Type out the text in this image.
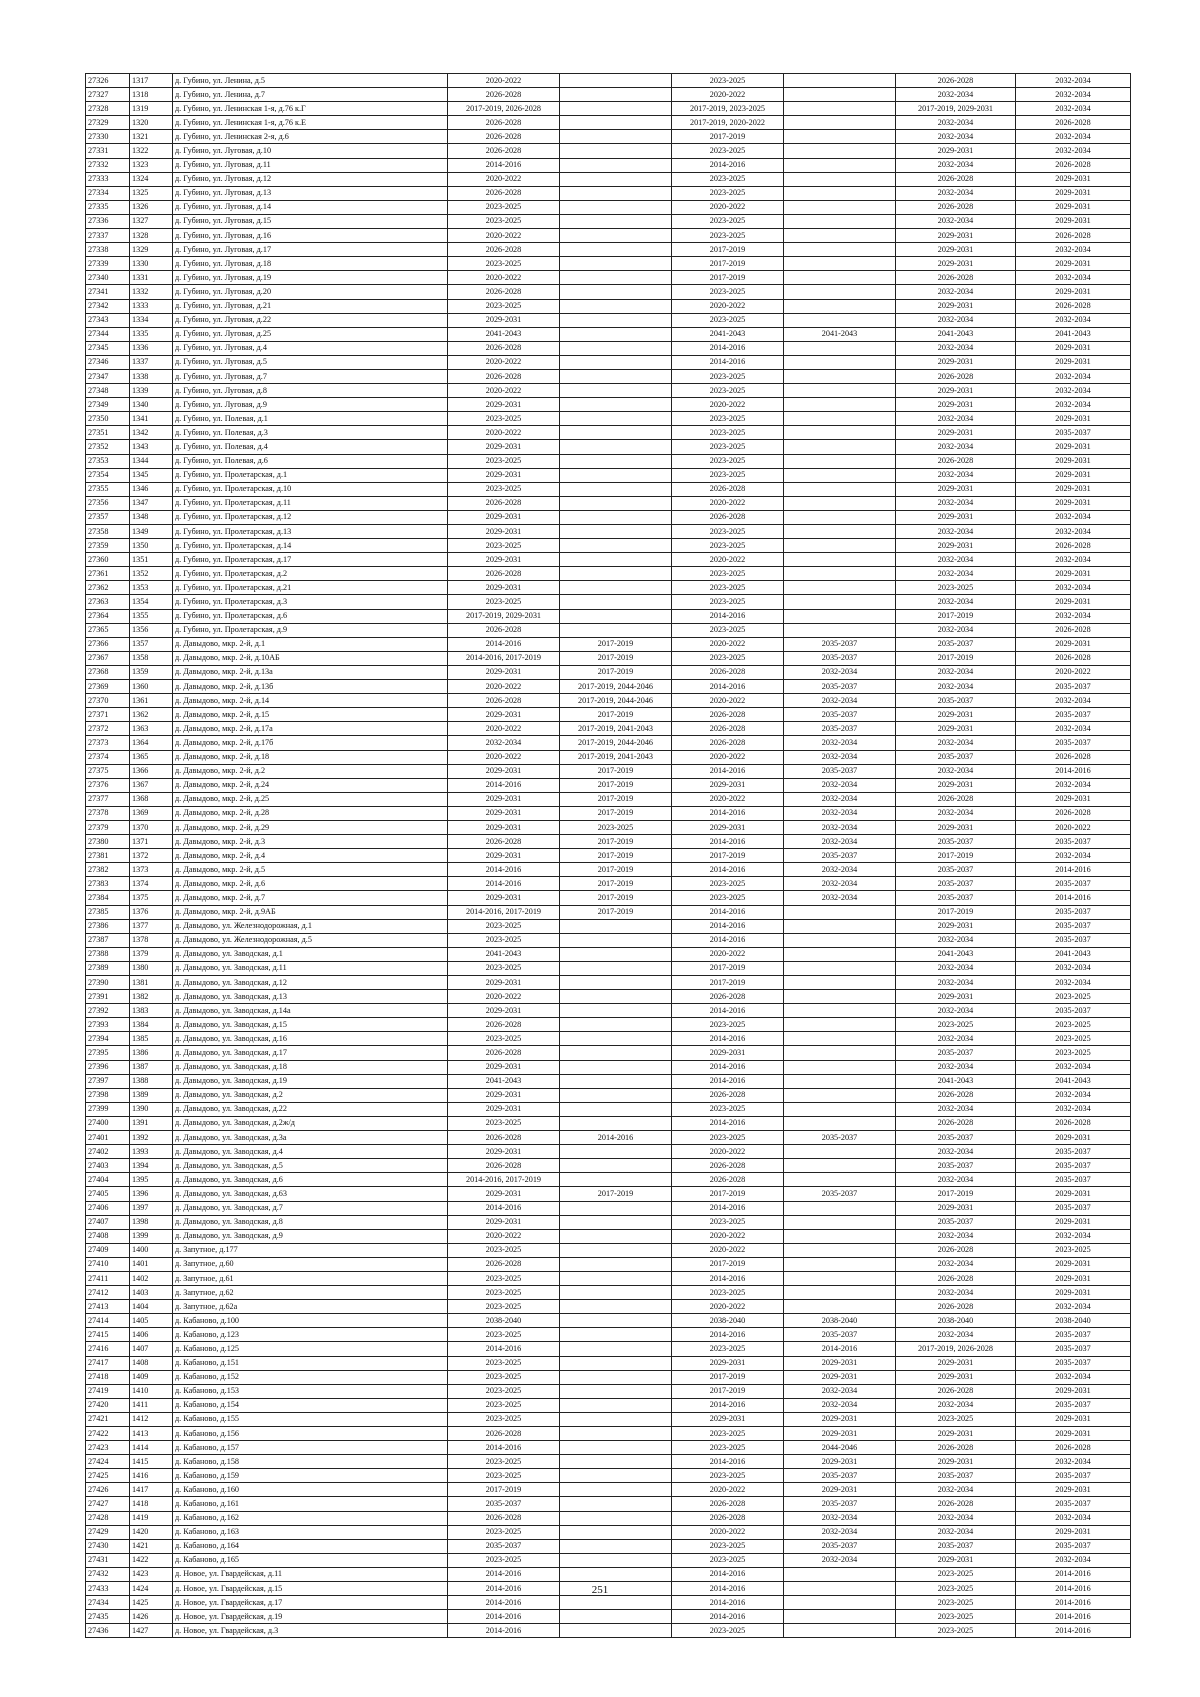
27326	1317	д. Губино, ул. Ленина, д.5	2020-2022		2023-2025		2026-2028	2032-2034
27327	1318	д. Губино, ул. Ленина, д.7	2026-2028		2020-2022		2032-2034	2032-2034
27328	1319	д. Губино, ул. Ленинская 1-я, д.76 к.Г	2017-2019, 2026-2028		2017-2019, 2023-2025		2017-2019, 2029-2031	2032-2034
27329	1320	д. Губино, ул. Ленинская 1-я, д.76 к.Е	2026-2028		2017-2019, 2020-2022		2032-2034	2026-2028
27330	1321	д. Губино, ул. Ленинская 2-я, д.6	2026-2028		2017-2019		2032-2034	2032-2034
27331	1322	д. Губино, ул. Луговая, д.10	2026-2028		2023-2025		2029-2031	2032-2034
27332	1323	д. Губино, ул. Луговая, д.11	2014-2016		2014-2016		2032-2034	2026-2028
27333	1324	д. Губино, ул. Луговая, д.12	2020-2022		2023-2025		2026-2028	2029-2031
27334	1325	д. Губино, ул. Луговая, д.13	2026-2028		2023-2025		2032-2034	2029-2031
27335	1326	д. Губино, ул. Луговая, д.14	2023-2025		2020-2022		2026-2028	2029-2031
27336	1327	д. Губино, ул. Луговая, д.15	2023-2025		2023-2025		2032-2034	2029-2031
27337	1328	д. Губино, ул. Луговая, д.16	2020-2022		2023-2025		2029-2031	2026-2028
27338	1329	д. Губино, ул. Луговая, д.17	2026-2028		2017-2019		2029-2031	2032-2034
27339	1330	д. Губино, ул. Луговая, д.18	2023-2025		2017-2019		2029-2031	2029-2031
27340	1331	д. Губино, ул. Луговая, д.19	2020-2022		2017-2019		2026-2028	2032-2034
27341	1332	д. Губино, ул. Луговая, д.20	2026-2028		2023-2025		2032-2034	2029-2031
27342	1333	д. Губино, ул. Луговая, д.21	2023-2025		2020-2022		2029-2031	2026-2028
27343	1334	д. Губино, ул. Луговая, д.22	2029-2031		2023-2025		2032-2034	2032-2034
27344	1335	д. Губино, ул. Луговая, д.25	2041-2043		2041-2043	2041-2043	2041-2043	2041-2043
27345	1336	д. Губино, ул. Луговая, д.4	2026-2028		2014-2016		2032-2034	2029-2031
27346	1337	д. Губино, ул. Луговая, д.5	2020-2022		2014-2016		2029-2031	2029-2031
27347	1338	д. Губино, ул. Луговая, д.7	2026-2028		2023-2025		2026-2028	2032-2034
27348	1339	д. Губино, ул. Луговая, д.8	2020-2022		2023-2025		2029-2031	2032-2034
27349	1340	д. Губино, ул. Луговая, д.9	2029-2031		2020-2022		2029-2031	2032-2034
27350	1341	д. Губино, ул. Полевая, д.1	2023-2025		2023-2025		2032-2034	2029-2031
27351	1342	д. Губино, ул. Полевая, д.3	2020-2022		2023-2025		2029-2031	2035-2037
27352	1343	д. Губино, ул. Полевая, д.4	2029-2031		2023-2025		2032-2034	2029-2031
27353	1344	д. Губино, ул. Полевая, д.6	2023-2025		2023-2025		2026-2028	2029-2031
27354	1345	д. Губино, ул. Пролетарская, д.1	2029-2031		2023-2025		2032-2034	2029-2031
27355	1346	д. Губино, ул. Пролетарская, д.10	2023-2025		2026-2028		2029-2031	2029-2031
27356	1347	д. Губино, ул. Пролетарская, д.11	2026-2028		2020-2022		2032-2034	2029-2031
27357	1348	д. Губино, ул. Пролетарская, д.12	2029-2031		2026-2028		2029-2031	2032-2034
27358	1349	д. Губино, ул. Пролетарская, д.13	2029-2031		2023-2025		2032-2034	2032-2034
27359	1350	д. Губино, ул. Пролетарская, д.14	2023-2025		2023-2025		2029-2031	2026-2028
27360	1351	д. Губино, ул. Пролетарская, д.17	2029-2031		2020-2022		2032-2034	2032-2034
27361	1352	д. Губино, ул. Пролетарская, д.2	2026-2028		2023-2025		2032-2034	2029-2031
27362	1353	д. Губино, ул. Пролетарская, д.21	2029-2031		2023-2025		2023-2025	2032-2034
27363	1354	д. Губино, ул. Пролетарская, д.3	2023-2025		2023-2025		2032-2034	2029-2031
27364	1355	д. Губино, ул. Пролетарская, д.6	2017-2019, 2029-2031		2014-2016		2017-2019	2032-2034
27365	1356	д. Губино, ул. Пролетарская, д.9	2026-2028		2023-2025		2032-2034	2026-2028
27366	1357	д. Давыдово, мкр. 2-й, д.1	2014-2016	2017-2019	2020-2022	2035-2037	2035-2037	2029-2031
27367	1358	д. Давыдово, мкр. 2-й, д.10АБ	2014-2016, 2017-2019	2017-2019	2023-2025	2035-2037	2017-2019	2026-2028
27368	1359	д. Давыдово, мкр. 2-й, д.13а	2029-2031	2017-2019	2026-2028	2032-2034	2032-2034	2020-2022
27369	1360	д. Давыдово, мкр. 2-й, д.13б	2020-2022	2017-2019, 2044-2046	2014-2016	2035-2037	2032-2034	2035-2037
27370	1361	д. Давыдово, мкр. 2-й, д.14	2026-2028	2017-2019, 2044-2046	2020-2022	2032-2034	2035-2037	2032-2034
27371	1362	д. Давыдово, мкр. 2-й, д.15	2029-2031	2017-2019	2026-2028	2035-2037	2029-2031	2035-2037
27372	1363	д. Давыдово, мкр. 2-й, д.17а	2020-2022	2017-2019, 2041-2043	2026-2028	2035-2037	2029-2031	2032-2034
27373	1364	д. Давыдово, мкр. 2-й, д.17б	2032-2034	2017-2019, 2044-2046	2026-2028	2032-2034	2032-2034	2035-2037
27374	1365	д. Давыдово, мкр. 2-й, д.18	2020-2022	2017-2019, 2041-2043	2020-2022	2032-2034	2035-2037	2026-2028
27375	1366	д. Давыдово, мкр. 2-й, д.2	2029-2031	2017-2019	2014-2016	2035-2037	2032-2034	2014-2016
27376	1367	д. Давыдово, мкр. 2-й, д.24	2014-2016	2017-2019	2029-2031	2032-2034	2029-2031	2032-2034
27377	1368	д. Давыдово, мкр. 2-й, д.25	2029-2031	2017-2019	2020-2022	2032-2034	2026-2028	2029-2031
27378	1369	д. Давыдово, мкр. 2-й, д.28	2029-2031	2017-2019	2014-2016	2032-2034	2032-2034	2026-2028
27379	1370	д. Давыдово, мкр. 2-й, д.29	2029-2031	2023-2025	2029-2031	2032-2034	2029-2031	2020-2022
27380	1371	д. Давыдово, мкр. 2-й, д.3	2026-2028	2017-2019	2014-2016	2032-2034	2035-2037	2035-2037
27381	1372	д. Давыдово, мкр. 2-й, д.4	2029-2031	2017-2019	2017-2019	2035-2037	2017-2019	2032-2034
27382	1373	д. Давыдово, мкр. 2-й, д.5	2014-2016	2017-2019	2014-2016	2032-2034	2035-2037	2014-2016
27383	1374	д. Давыдово, мкр. 2-й, д.6	2014-2016	2017-2019	2023-2025	2032-2034	2035-2037	2035-2037
27384	1375	д. Давыдово, мкр. 2-й, д.7	2029-2031	2017-2019	2023-2025	2032-2034	2035-2037	2014-2016
27385	1376	д. Давыдово, мкр. 2-й, д.9АБ	2014-2016, 2017-2019	2017-2019	2014-2016		2017-2019	2035-2037
27386	1377	д. Давыдово, ул. Железнодорожная, д.1	2023-2025		2014-2016		2029-2031	2035-2037
27387	1378	д. Давыдово, ул. Железнодорожная, д.5	2023-2025		2014-2016		2032-2034	2035-2037
27388	1379	д. Давыдово, ул. Заводская, д.1	2041-2043		2020-2022		2041-2043	2041-2043
27389	1380	д. Давыдово, ул. Заводская, д.11	2023-2025		2017-2019		2032-2034	2032-2034
27390	1381	д. Давыдово, ул. Заводская, д.12	2029-2031		2017-2019		2032-2034	2032-2034
27391	1382	д. Давыдово, ул. Заводская, д.13	2020-2022		2026-2028		2029-2031	2023-2025
27392	1383	д. Давыдово, ул. Заводская, д.14а	2029-2031		2014-2016		2032-2034	2035-2037
27393	1384	д. Давыдово, ул. Заводская, д.15	2026-2028		2023-2025		2023-2025	2023-2025
27394	1385	д. Давыдово, ул. Заводская, д.16	2023-2025		2014-2016		2032-2034	2023-2025
27395	1386	д. Давыдово, ул. Заводская, д.17	2026-2028		2029-2031		2035-2037	2023-2025
27396	1387	д. Давыдово, ул. Заводская, д.18	2029-2031		2014-2016		2032-2034	2032-2034
27397	1388	д. Давыдово, ул. Заводская, д.19	2041-2043		2014-2016		2041-2043	2041-2043
27398	1389	д. Давыдово, ул. Заводская, д.2	2029-2031		2026-2028		2026-2028	2032-2034
27399	1390	д. Давыдово, ул. Заводская, д.22	2029-2031		2023-2025		2032-2034	2032-2034
27400	1391	д. Давыдово, ул. Заводская, д.2ж/д	2023-2025		2014-2016		2026-2028	2026-2028
27401	1392	д. Давыдово, ул. Заводская, д.3а	2026-2028	2014-2016	2023-2025	2035-2037	2035-2037	2029-2031
27402	1393	д. Давыдово, ул. Заводская, д.4	2029-2031		2020-2022		2032-2034	2035-2037
27403	1394	д. Давыдово, ул. Заводская, д.5	2026-2028		2026-2028		2035-2037	2035-2037
27404	1395	д. Давыдово, ул. Заводская, д.6	2014-2016, 2017-2019		2026-2028		2032-2034	2035-2037
27405	1396	д. Давыдово, ул. Заводская, д.63	2029-2031	2017-2019	2017-2019	2035-2037	2017-2019	2029-2031
27406	1397	д. Давыдово, ул. Заводская, д.7	2014-2016		2014-2016		2029-2031	2035-2037
27407	1398	д. Давыдово, ул. Заводская, д.8	2029-2031		2023-2025		2035-2037	2029-2031
27408	1399	д. Давыдово, ул. Заводская, д.9	2020-2022		2020-2022		2032-2034	2032-2034
27409	1400	д. Запутное, д.177	2023-2025		2020-2022		2026-2028	2023-2025
27410	1401	д. Запутное, д.60	2026-2028		2017-2019		2032-2034	2029-2031
27411	1402	д. Запутное, д.61	2023-2025		2014-2016		2026-2028	2029-2031
27412	1403	д. Запутное, д.62	2023-2025		2023-2025		2032-2034	2029-2031
27413	1404	д. Запутное, д.62а	2023-2025		2020-2022		2026-2028	2032-2034
27414	1405	д. Кабаново, д.100	2038-2040		2038-2040	2038-2040	2038-2040	2038-2040
27415	1406	д. Кабаново, д.123	2023-2025		2014-2016	2035-2037	2032-2034	2035-2037
27416	1407	д. Кабаново, д.125	2014-2016		2023-2025	2014-2016	2017-2019, 2026-2028	2035-2037
27417	1408	д. Кабаново, д.151	2023-2025		2029-2031	2029-2031	2029-2031	2035-2037
27418	1409	д. Кабаново, д.152	2023-2025		2017-2019	2029-2031	2029-2031	2032-2034
27419	1410	д. Кабаново, д.153	2023-2025		2017-2019	2032-2034	2026-2028	2029-2031
27420	1411	д. Кабаново, д.154	2023-2025		2014-2016	2032-2034	2032-2034	2035-2037
27421	1412	д. Кабаново, д.155	2023-2025		2029-2031	2029-2031	2023-2025	2029-2031
27422	1413	д. Кабаново, д.156	2026-2028		2023-2025	2029-2031	2029-2031	2029-2031
27423	1414	д. Кабаново, д.157	2014-2016		2023-2025	2044-2046	2026-2028	2026-2028
27424	1415	д. Кабаново, д.158	2023-2025		2014-2016	2029-2031	2029-2031	2032-2034
27425	1416	д. Кабаново, д.159	2023-2025		2023-2025	2035-2037	2035-2037	2035-2037
27426	1417	д. Кабаново, д.160	2017-2019		2020-2022	2029-2031	2032-2034	2029-2031
27427	1418	д. Кабаново, д.161	2035-2037		2026-2028	2035-2037	2026-2028	2035-2037
27428	1419	д. Кабаново, д.162	2026-2028		2026-2028	2032-2034	2032-2034	2032-2034
27429	1420	д. Кабаново, д.163	2023-2025		2020-2022	2032-2034	2032-2034	2029-2031
27430	1421	д. Кабаново, д.164	2035-2037		2023-2025	2035-2037	2035-2037	2035-2037
27431	1422	д. Кабаново, д.165	2023-2025		2023-2025	2032-2034	2029-2031	2032-2034
27432	1423	д. Новое, ул. Гвардейская, д.11	2014-2016		2014-2016		2023-2025	2014-2016
27433	1424	д. Новое, ул. Гвардейская, д.15	2014-2016		2014-2016		2023-2025	2014-2016
27434	1425	д. Новое, ул. Гвардейская, д.17	2014-2016		2014-2016		2023-2025	2014-2016
27435	1426	д. Новое, ул. Гвардейская, д.19	2014-2016		2014-2016		2023-2025	2014-2016
27436	1427	д. Новое, ул. Гвардейская, д.3	2014-2016		2023-2025		2023-2025	2014-2016
251
